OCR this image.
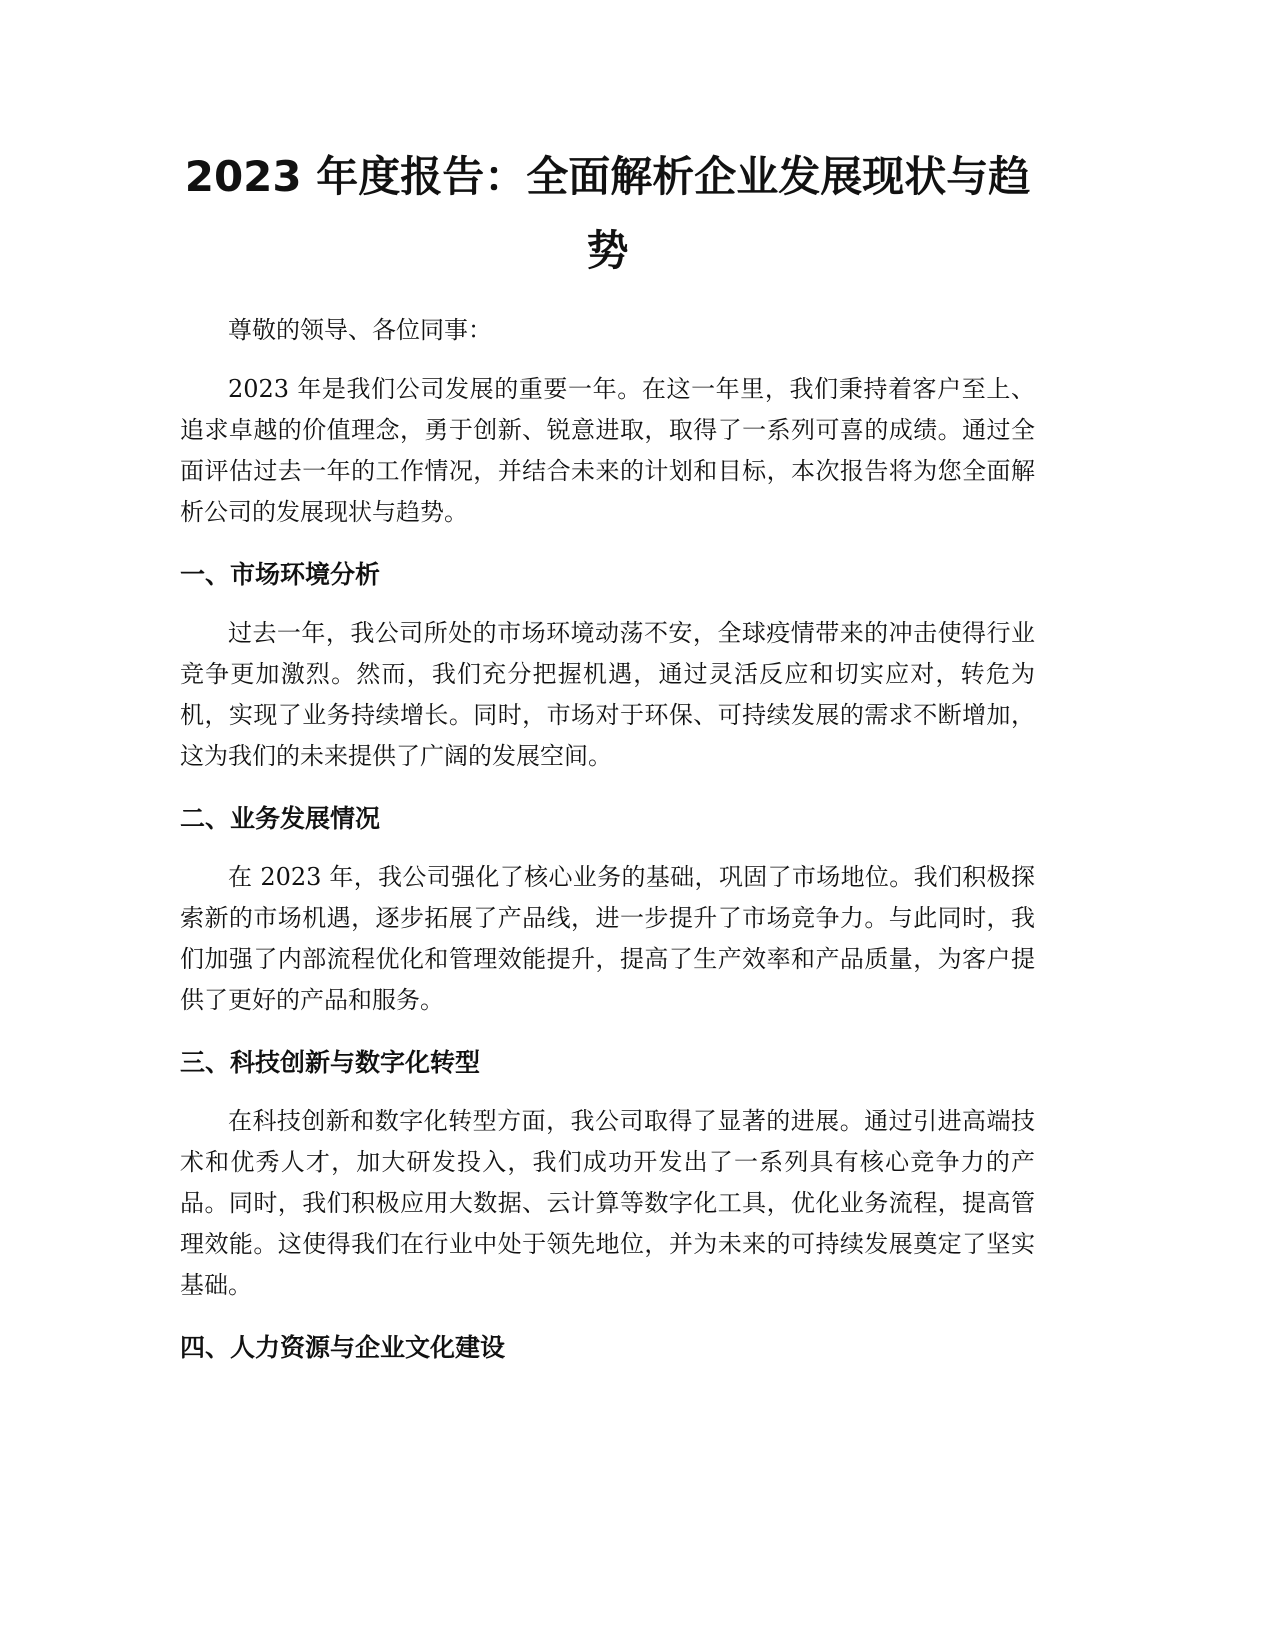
2023 年度报告：全面解析企业发展现状与趋势

尊敬的领导、各位同事：

2023 年是我们公司发展的重要一年。在这一年里，我们秉持着客户至上、追求卓越的价值理念，勇于创新、锐意进取，取得了一系列可喜的成绩。通过全面评估过去一年的工作情况，并结合未来的计划和目标，本次报告将为您全面解析公司的发展现状与趋势。

一、市场环境分析

过去一年，我公司所处的市场环境动荡不安，全球疫情带来的冲击使得行业竞争更加激烈。然而，我们充分把握机遇，通过灵活反应和切实应对，转危为机，实现了业务持续增长。同时，市场对于环保、可持续发展的需求不断增加，这为我们的未来提供了广阔的发展空间。

二、业务发展情况

在 2023 年，我公司强化了核心业务的基础，巩固了市场地位。我们积极探索新的市场机遇，逐步拓展了产品线，进一步提升了市场竞争力。与此同时，我们加强了内部流程优化和管理效能提升，提高了生产效率和产品质量，为客户提供了更好的产品和服务。

三、科技创新与数字化转型

在科技创新和数字化转型方面，我公司取得了显著的进展。通过引进高端技术和优秀人才，加大研发投入，我们成功开发出了一系列具有核心竞争力的产品。同时，我们积极应用大数据、云计算等数字化工具，优化业务流程，提高管理效能。这使得我们在行业中处于领先地位，并为未来的可持续发展奠定了坚实基础。

四、人力资源与企业文化建设
